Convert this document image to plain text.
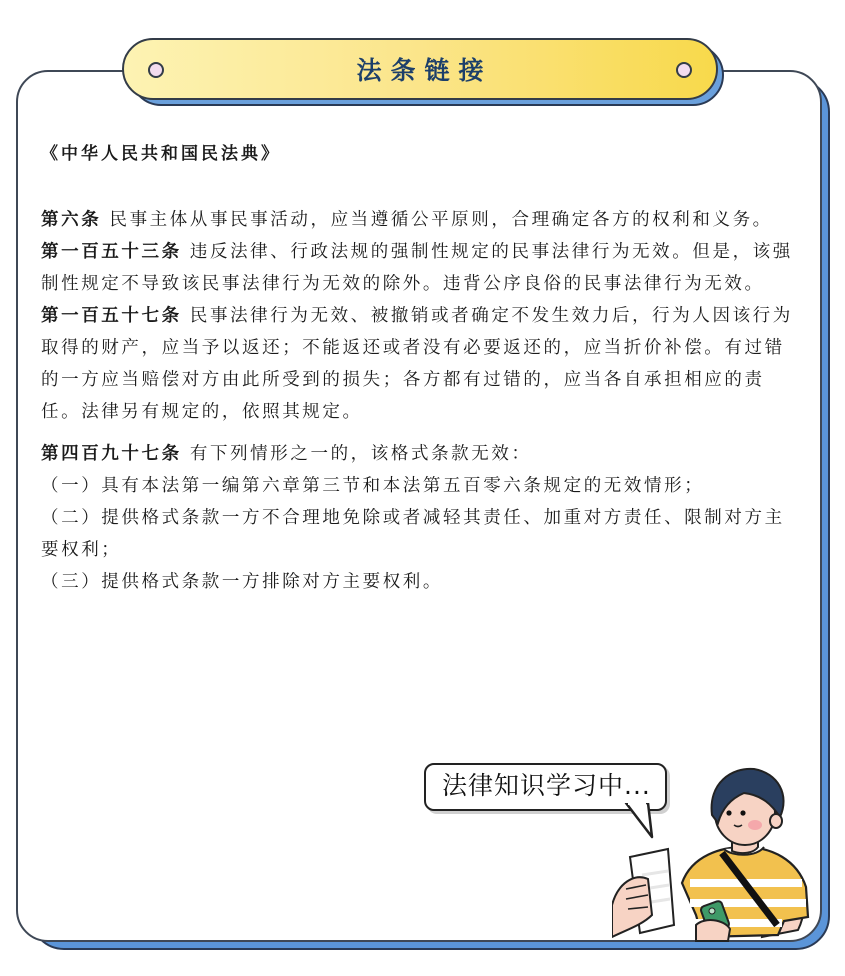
法条链接
《中华人民共和国民法典》

第六条 民事主体从事民事活动，应当遵循公平原则，合理确定各方的权利和义务。

第一百五十三条 违反法律、行政法规的强制性规定的民事法律行为无效。但是，该强制性规定不导致该民事法律行为无效的除外。违背公序良俗的民事法律行为无效。

第一百五十七条 民事法律行为无效、被撤销或者确定不发生效力后，行为人因该行为取得的财产，应当予以返还；不能返还或者没有必要返还的，应当折价补偿。有过错的一方应当赔偿对方由此所受到的损失；各方都有过错的，应当各自承担相应的责任。法律另有规定的，依照其规定。

第四百九十七条 有下列情形之一的，该格式条款无效：

（一）具有本法第一编第六章第三节和本法第五百零六条规定的无效情形；

（二）提供格式条款一方不合理地免除或者减轻其责任、加重对方责任、限制对方主要权利；

（三）提供格式条款一方排除对方主要权利。

法律知识学习中...
